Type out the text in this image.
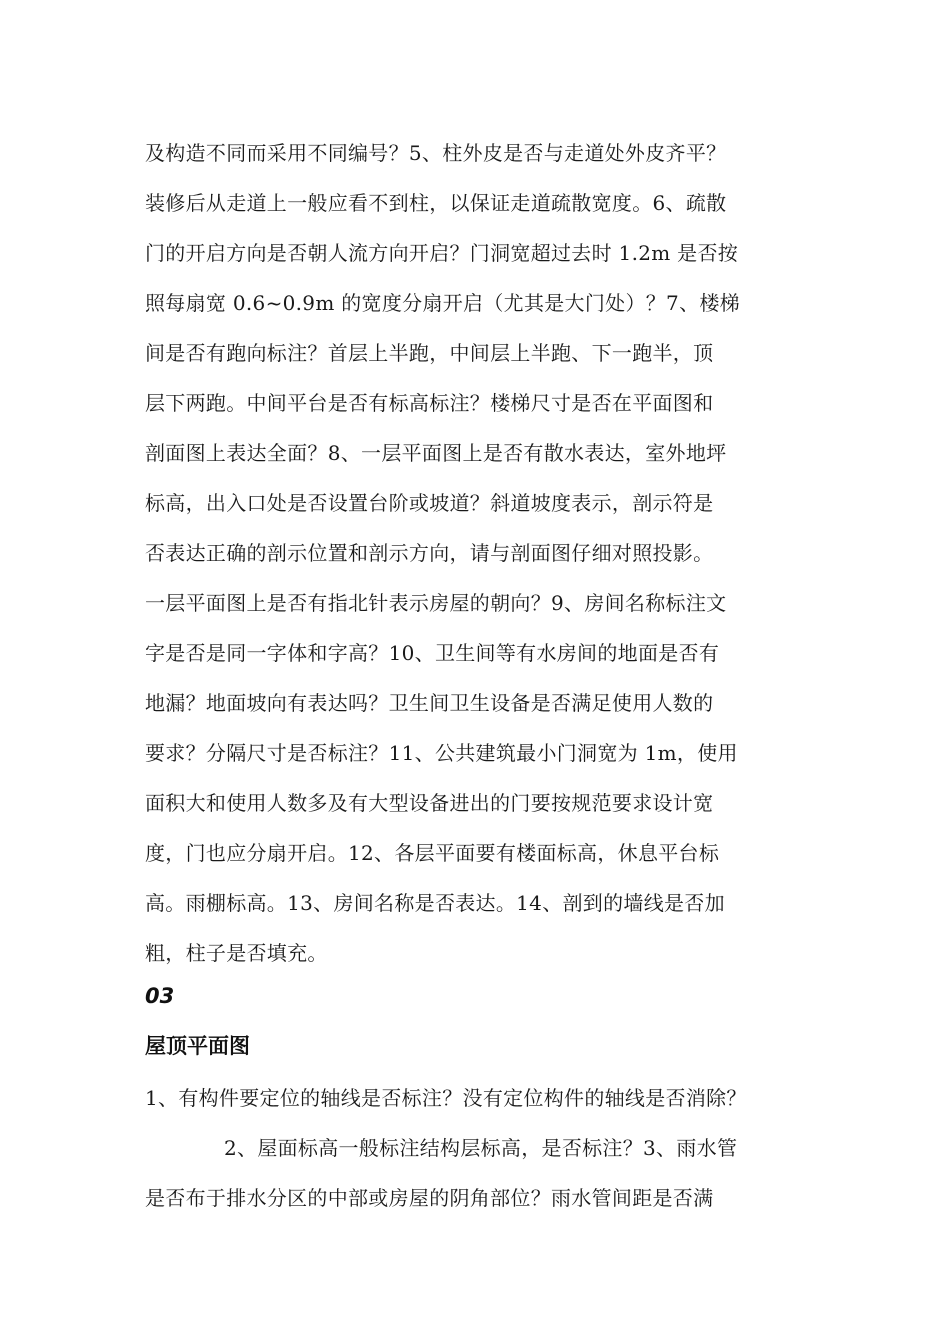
及构造不同而采用不同编号？5、柱外皮是否与走道处外皮齐平？
装修后从走道上一般应看不到柱，以保证走道疏散宽度。6、疏散
门的开启方向是否朝人流方向开启？门洞宽超过去时 1.2m 是否按
照每扇宽 0.6~0.9m 的宽度分扇开启（尤其是大门处）？7、楼梯
间是否有跑向标注？首层上半跑，中间层上半跑、下一跑半，顶
层下两跑。中间平台是否有标高标注？楼梯尺寸是否在平面图和
剖面图上表达全面？8、一层平面图上是否有散水表达，室外地坪
标高，出入口处是否设置台阶或坡道？斜道坡度表示，剖示符是
否表达正确的剖示位置和剖示方向，请与剖面图仔细对照投影。
一层平面图上是否有指北针表示房屋的朝向？9、房间名称标注文
字是否是同一字体和字高？10、卫生间等有水房间的地面是否有
地漏？地面坡向有表达吗？卫生间卫生设备是否满足使用人数的
要求？分隔尺寸是否标注？11、公共建筑最小门洞宽为 1m，使用
面积大和使用人数多及有大型设备进出的门要按规范要求设计宽
度，门也应分扇开启。12、各层平面要有楼面标高，休息平台标
高。雨棚标高。13、房间名称是否表达。14、剖到的墙线是否加
粗，柱子是否填充。
03
屋顶平面图
1、有构件要定位的轴线是否标注？没有定位构件的轴线是否消除？
2、屋面标高一般标注结构层标高，是否标注？3、雨水管
是否布于排水分区的中部或房屋的阴角部位？雨水管间距是否满
